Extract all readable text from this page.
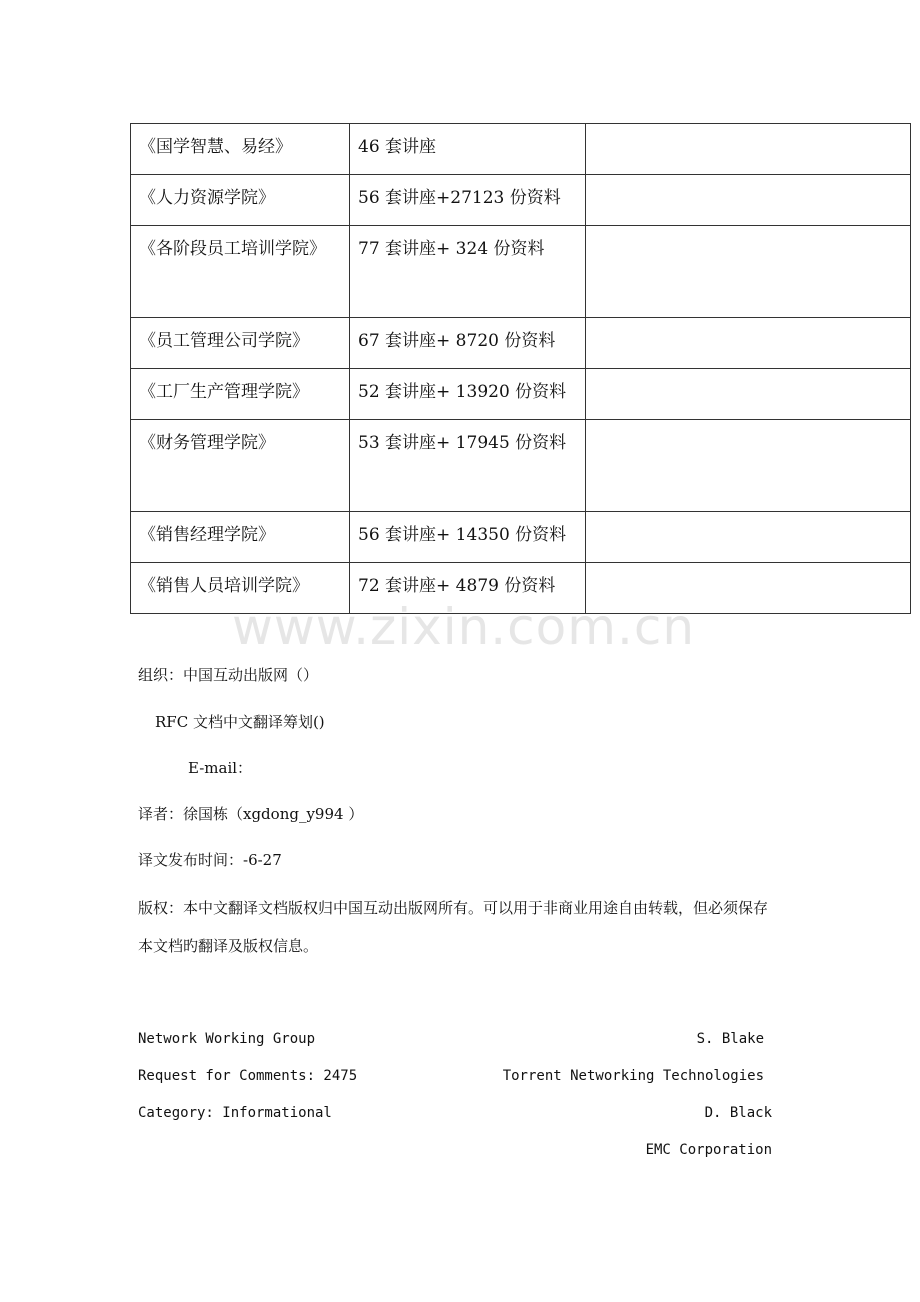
《国学智慧、易经》	46 套讲座	
《人力资源学院》	56 套讲座+27123 份资料	
《各阶段员工培训学院》	77 套讲座+ 324 份资料	
《员工管理公司学院》	67 套讲座+ 8720 份资料	
《工厂生产管理学院》	52 套讲座+ 13920 份资料	
《财务管理学院》	53 套讲座+ 17945 份资料	
《销售经理学院》	56 套讲座+ 14350 份资料	
《销售人员培训学院》	72 套讲座+ 4879 份资料	
www.zixin.com.cn
组织：中国互动出版网（）
RFC 文档中文翻译筹划()
E-mail：
译者：徐国栋（xgdong_y994 ）
译文发布时间：-6-27
版权：本中文翻译文档版权归中国互动出版网所有。可以用于非商业用途自由转载，但必须保存本文档旳翻译及版权信息。
Network Working Group
Request for Comments: 2475
Category: Informational
S. Blake
Torrent Networking Technologies
D. Black
EMC Corporation
